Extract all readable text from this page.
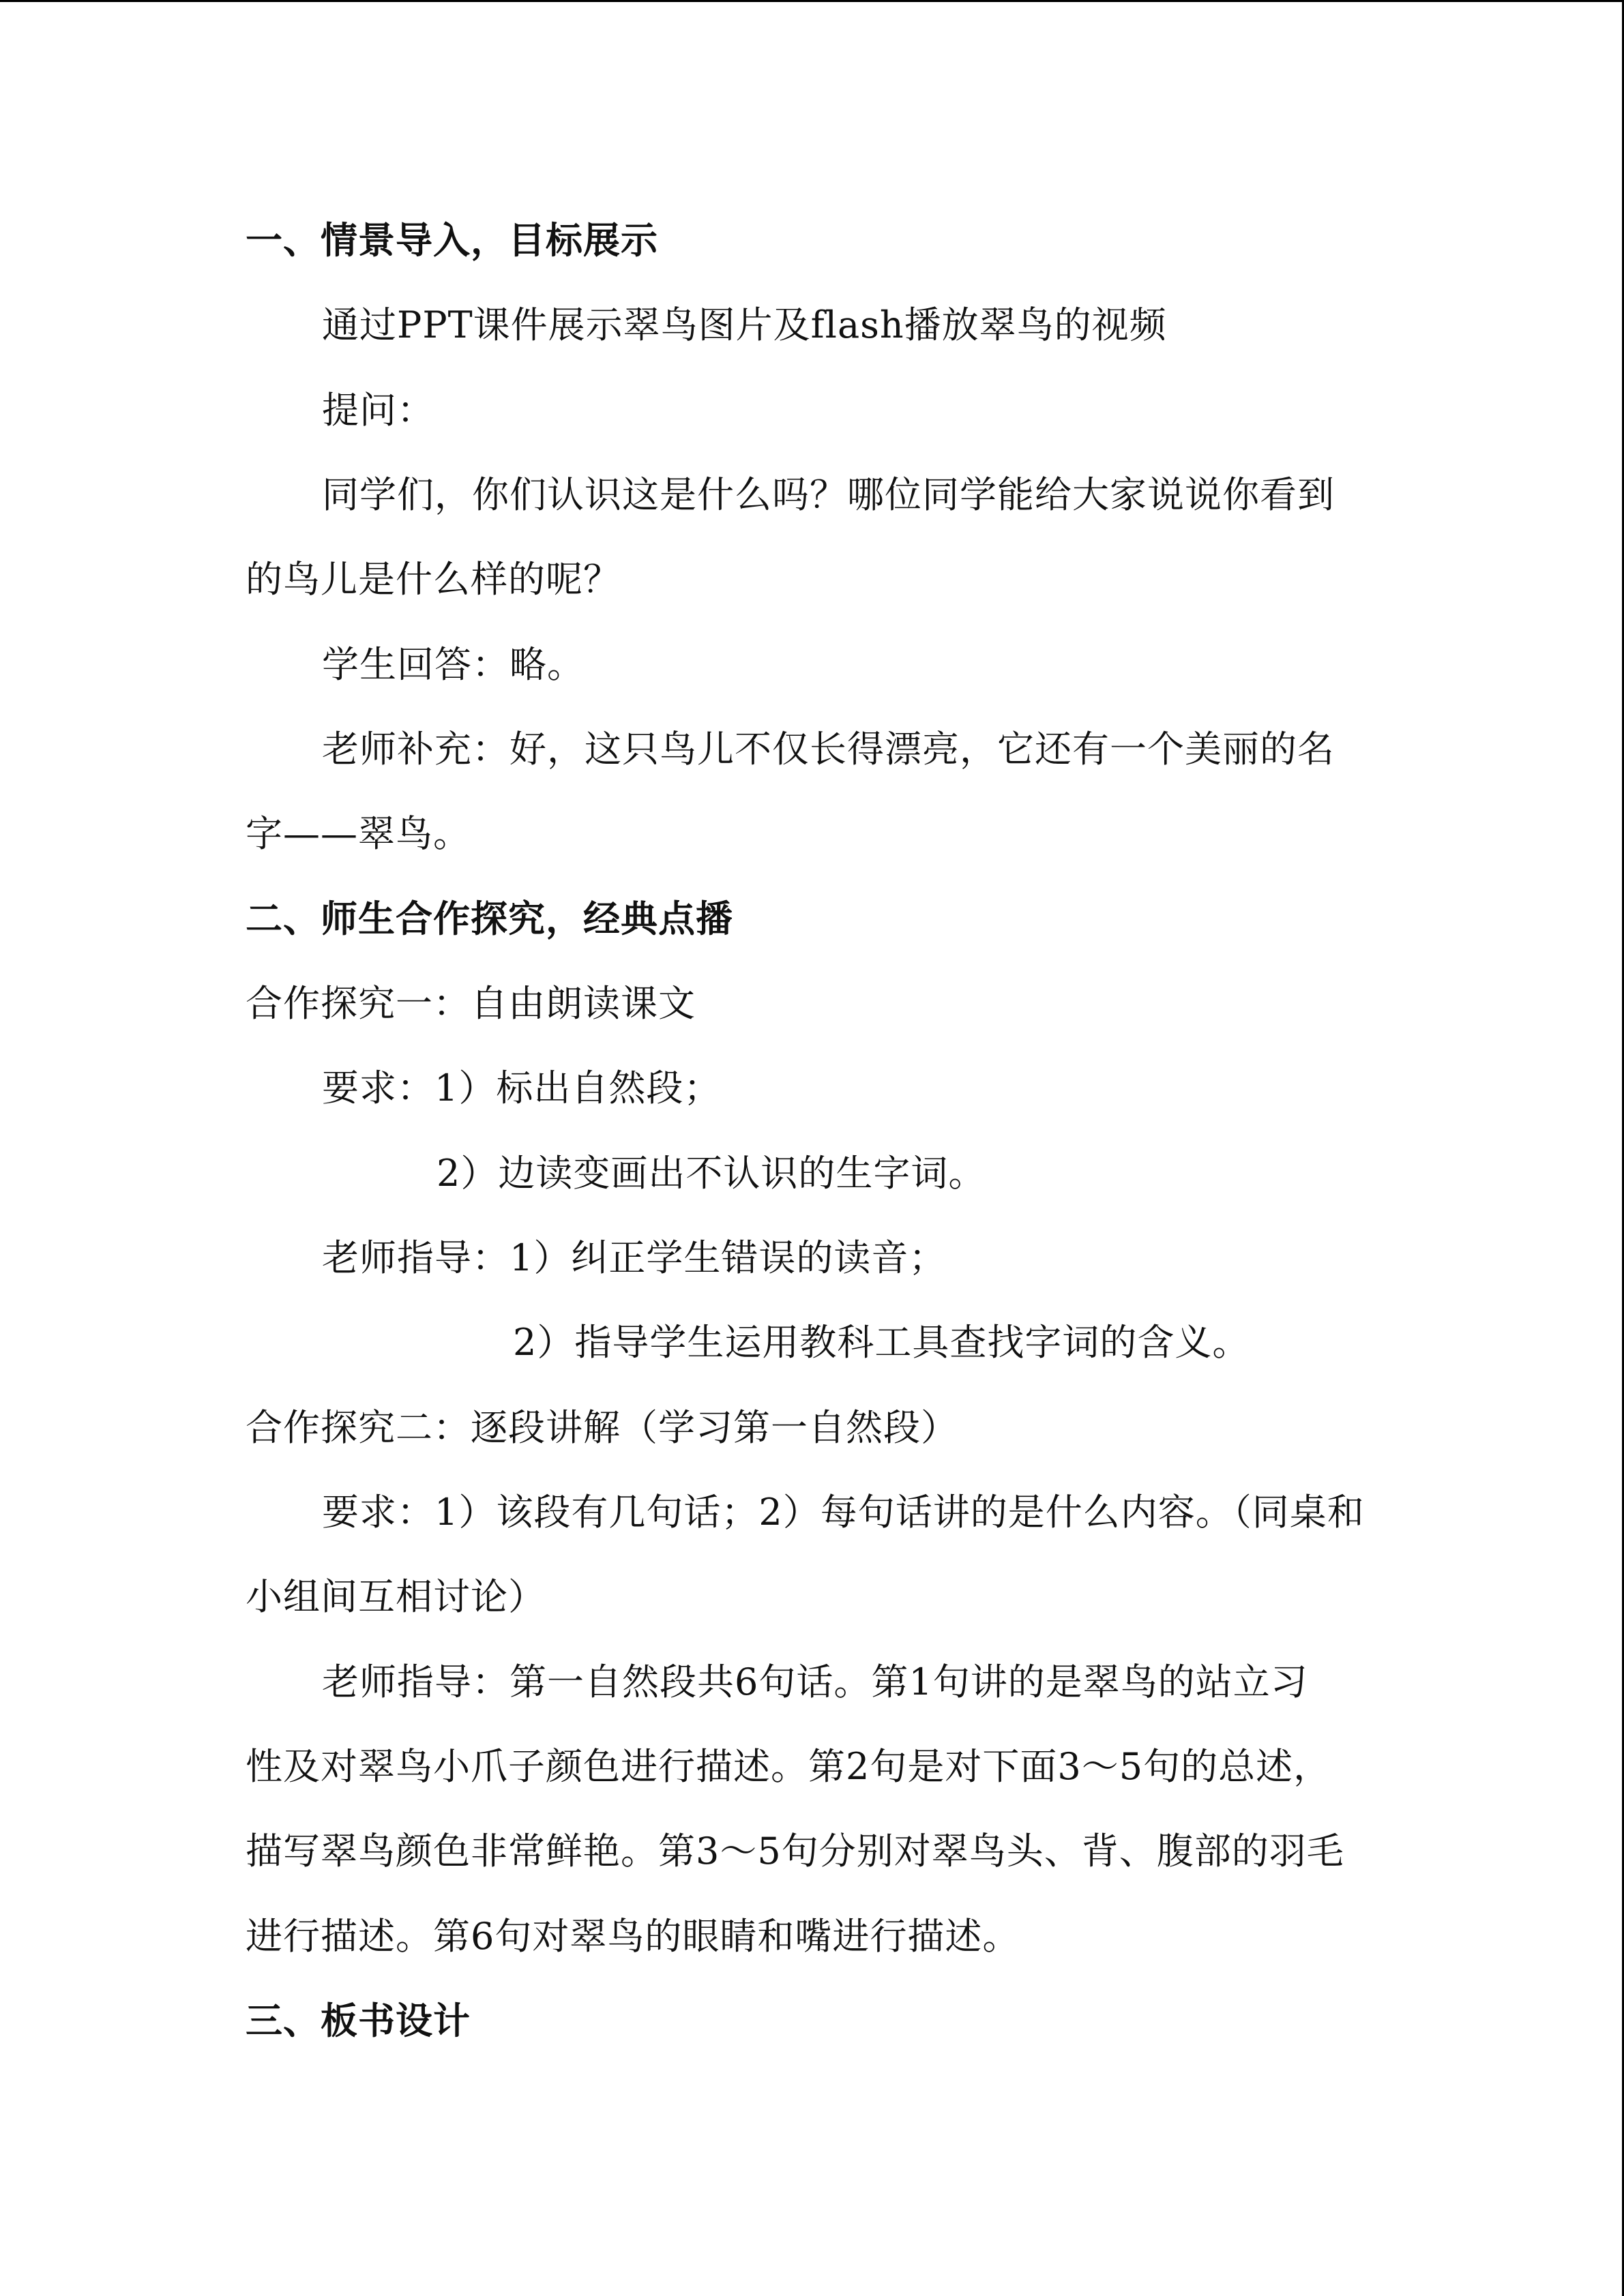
一、情景导入，目标展示
通过PPT课件展示翠鸟图片及flash播放翠鸟的视频
提问：
同学们，你们认识这是什么吗？哪位同学能给大家说说你看到
的鸟儿是什么样的呢？
学生回答：略。
老师补充：好，这只鸟儿不仅长得漂亮，它还有一个美丽的名
字——翠鸟。
二、师生合作探究，经典点播
合作探究一：自由朗读课文
要求：1）标出自然段；
2）边读变画出不认识的生字词。
老师指导：1）纠正学生错误的读音；
2）指导学生运用教科工具查找字词的含义。
合作探究二：逐段讲解（学习第一自然段）
要求：1）该段有几句话；2）每句话讲的是什么内容。（同桌和
小组间互相讨论）
老师指导：第一自然段共6句话。第1句讲的是翠鸟的站立习
性及对翠鸟小爪子颜色进行描述。第2句是对下面3～5句的总述，
描写翠鸟颜色非常鲜艳。第3～5句分别对翠鸟头、背、腹部的羽毛
进行描述。第6句对翠鸟的眼睛和嘴进行描述。
三、板书设计
